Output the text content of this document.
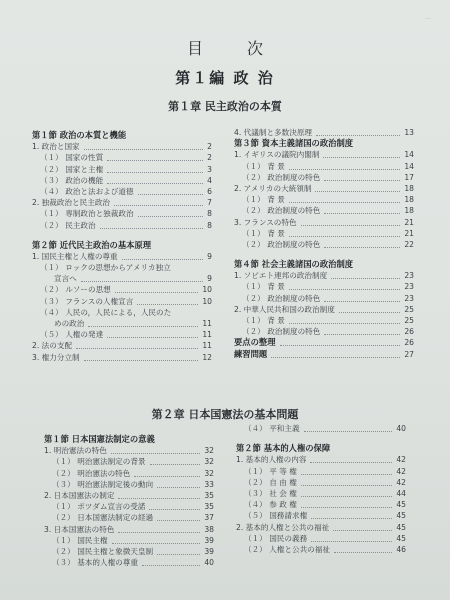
…
目次
第１編 政 治
第１章 民主政治の本質
第２章 日本国憲法の基本問題
第１節 政治の本質と機能
1. 政治と国家	2
（１） 国家の性質	2
（２） 国家と主権	3
（３） 政治の機能	4
（４） 政治と法および道徳	6
2. 独裁政治と民主政治	7
（１） 専制政治と独裁政治	8
（２） 民主政治	8
第２節 近代民主政治の基本原理
1. 国民主権と人権の尊重	9
（１） ロックの思想からアメリカ独立
宣言へ	9
（２） ルソーの思想	10
（３） フランスの人権宣言	10
（４） 人民の，人民による，人民のた
めの政治	11
（５） 人権の発達	11
2. 法の支配	11
3. 権力分立制	12
4. 代議制と多数決原理	13
第３節 資本主義諸国の政治制度
1. イギリスの議院内閣制	14
（１） 背 景	14
（２） 政治制度の特色	17
2. アメリカの大統領制	18
（１） 背 景	18
（２） 政治制度の特色	18
3. フランスの特色	21
（１） 背 景	21
（２） 政治制度の特色	22
第４節 社会主義諸国の政治制度
1. ソビエト連邦の政治制度	23
（１） 背 景	23
（２） 政治制度の特色	23
2. 中華人民共和国の政治制度	25
（１） 背 景	25
（２） 政治制度の特色	26
要点の整理	26
練習問題	27
第１節 日本国憲法制定の意義
1. 明治憲法の特色	32
（１） 明治憲法制定の背景	32
（２） 明治憲法の特色	32
（３） 明治憲法制定後の動向	33
2. 日本国憲法の制定	35
（１） ポツダム宣言の受諾	35
（２） 日本国憲法制定の経過	37
3. 日本国憲法の特色	38
（１） 国民主権	39
（２） 国民主権と象徴天皇制	39
（３） 基本的人権の尊重	40
（４） 平和主義	40
第２節 基本的人権の保障
1. 基本的人権の内容	42
（１） 平 等 権	42
（２） 自 由 権	42
（３） 社 会 権	44
（４） 参 政 権	45
（５） 国務請求権	45
2. 基本的人権と公共の福祉	45
（１） 国民の義務	45
（２） 人権と公共の福祉	46
